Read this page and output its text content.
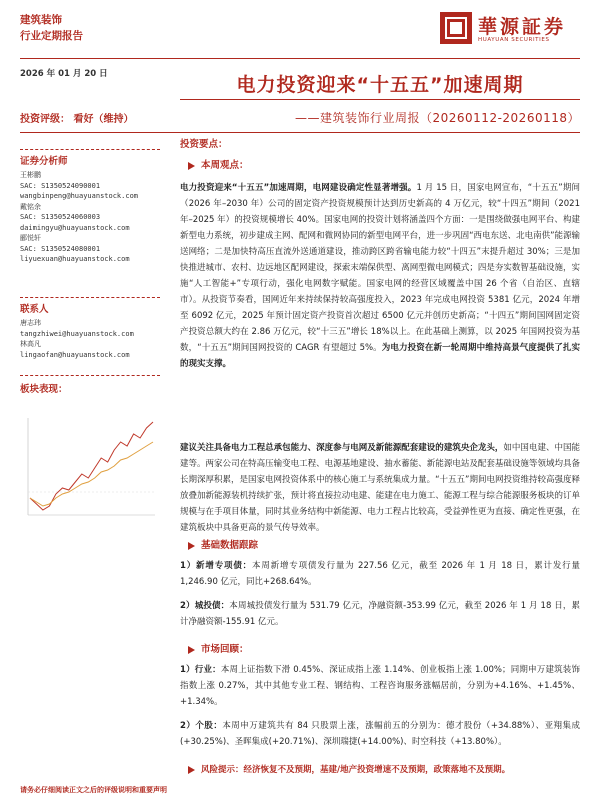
建筑装饰
行业定期报告	華源証券
HUAYUAN SECURITIES
2026 年 01 月 20 日	电力投资迎来“十五五”加速周期
投资评级： 看好（维持）	——建筑装饰行业周报（20260112-20260118）
投资要点：
证券分析师
王彬鹏
SAC: S1350524090001
wangbinpeng@huayuanstock.com
戴铭余
SAC: S1350524060003
daimingyu@huayuanstock.com
郦悦轩
SAC: S1350524080001
liyuexuan@huayuanstock.com
联系人
唐志玮
tangzhiwei@huayuanstock.com
林高凡
lingaofan@huayuanstock.com
板块表现：
本周观点：
电力投资迎来“十五五”加速周期，电网建设确定性显著增强。1 月 15 日，国家电网宣布，“十五五”期间（2026 年–2030 年）公司的固定资产投资规模预计达到历史新高的 4 万亿元，较“十四五”期间（2021 年–2025 年）的投资规模增长 40%。国家电网的投资计划将涵盖四个方面：一是围绕做强电网平台、构建新型电力系统，初步建成主网、配网和微网协同的新型电网平台，进一步巩固“西电东送、北电南供”能源输送网络；二是加快特高压直流外送通道建设，推动跨区跨省输电能力较“十四五”末提升超过 30%；三是加快推进城市、农村、边远地区配网建设，探索末端保供型、离网型微电网模式；四是夯实数智基础设施，实施“人工智能+”专项行动，强化电网数字赋能。国家电网的经营区域覆盖中国 26 个省（自治区、直辖市）。从投资节奏看，国网近年来持续保持较高强度投入，2023 年完成电网投资 5381 亿元，2024 年增至 6092 亿元，2025 年预计固定资产投资首次超过 6500 亿元并创历史新高；“十四五”期间国网固定资产投资总额大约在 2.86 万亿元，较“十三五”增长 18%以上。在此基础上测算，以 2025 年国网投资为基数，“十五五”期间国网投资的 CAGR 有望超过 5%。为电力投资在新一轮周期中维持高景气度提供了扎实的现实支撑。
建议关注具备电力工程总承包能力、深度参与电网及新能源配套建设的建筑央企龙头，如中国电建、中国能建等。两家公司在特高压输变电工程、电源基地建设、抽水蓄能、新能源电站及配套基础设施等领域均具备长期深厚积累，是国家电网投资体系中的核心施工与系统集成力量。“十五五”期间电网投资维持较高强度释放叠加新能源装机持续扩张，预计将直接拉动电建、能建在电力施工、能源工程与综合能源服务板块的订单规模与在手项目体量，同时其业务结构中新能源、电力工程占比较高，受益弹性更为直接、确定性更强，在建筑板块中具备更高的景气传导效率。
基础数据跟踪
1）新增专项债：本周新增专项债发行量为 227.56 亿元，截至 2026 年 1 月 18 日，累计发行量 1,246.90 亿元，同比+268.64%。
2）城投债：本周城投债发行量为 531.79 亿元，净融资额-353.99 亿元，截至 2026 年 1 月 18 日，累计净融资额-155.91 亿元。
市场回顾：
1）行业：本周上证指数下滑 0.45%、深证成指上涨 1.14%、创业板指上涨 1.00%；同期申万建筑装饰指数上涨 0.27%，其中其他专业工程、钢结构、工程咨询服务涨幅居前，分别为+4.16%、+1.45%、+1.34%。
2）个股：本周申万建筑共有 84 只股票上涨，涨幅前五的分别为：德才股份（+34.88%）、亚翔集成(+30.25%)、圣晖集成(+20.71%)、深圳瑞捷(+14.00%)、时空科技（+13.80%）。
风险提示：经济恢复不及预期，基建/地产投资增速不及预期，政策落地不及预期。
请务必仔细阅读正文之后的评级说明和重要声明
